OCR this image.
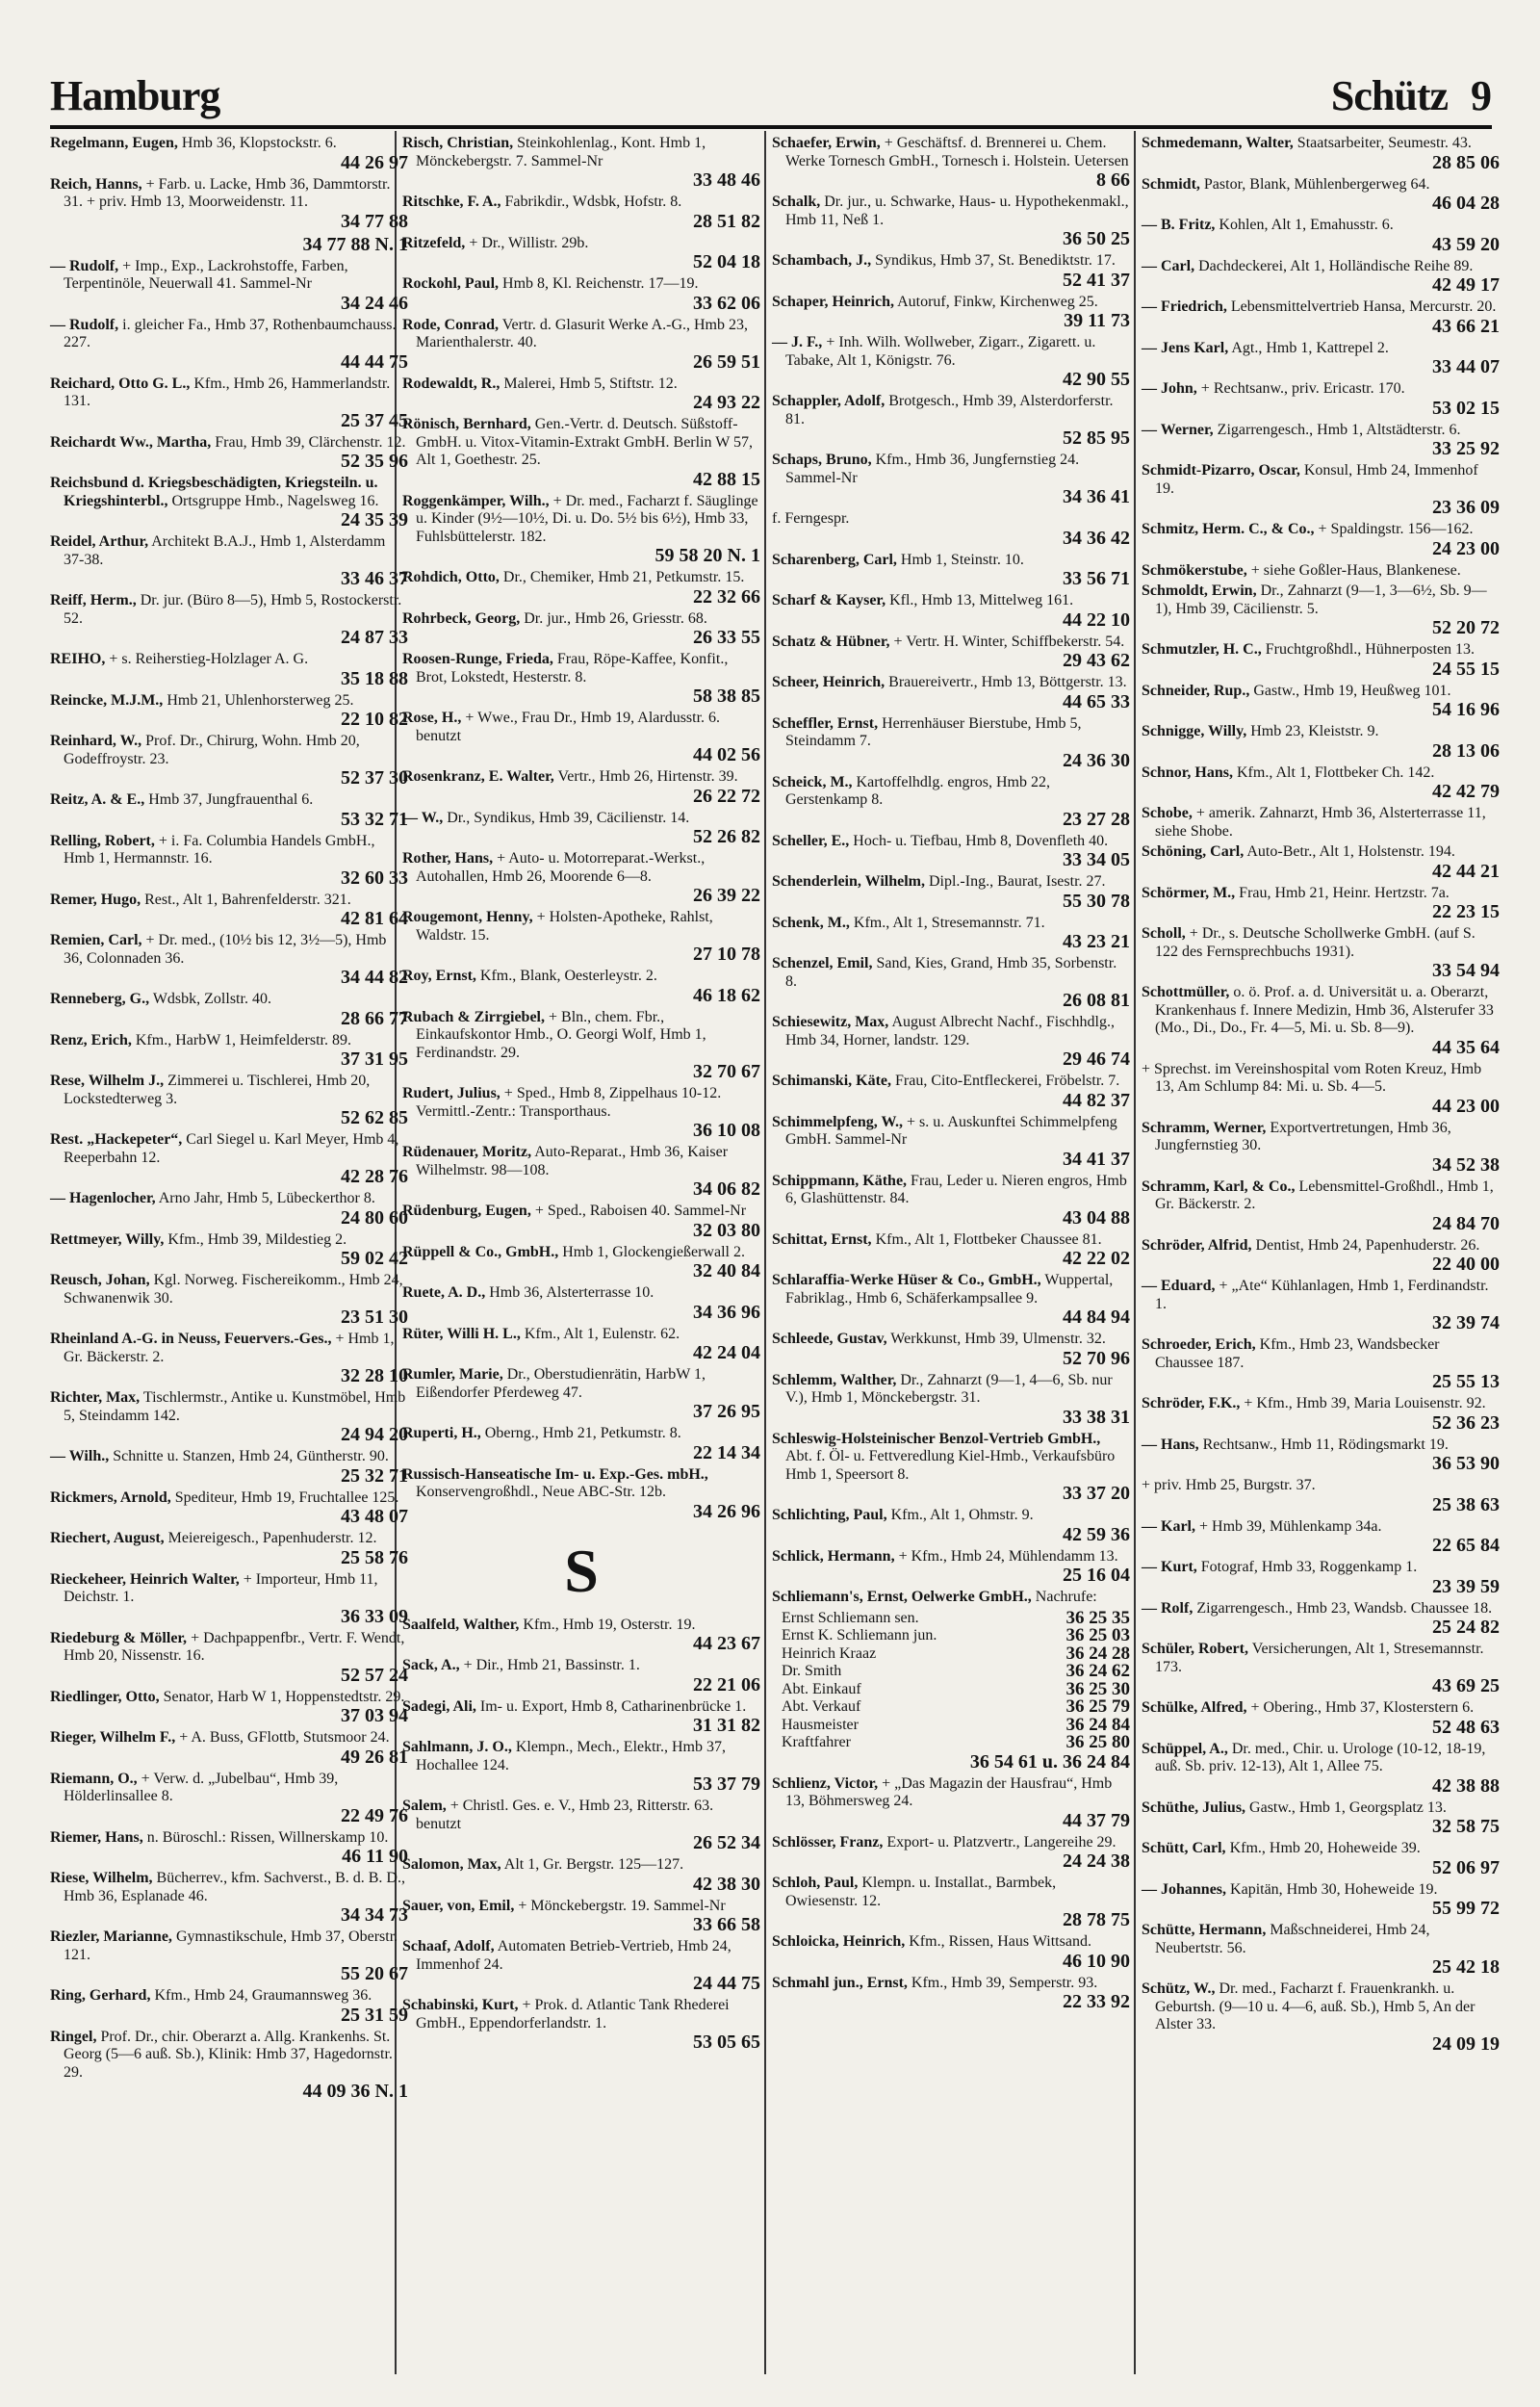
Hamburg	Schütz 9
Regelmann, Eugen, Hmb 36, Klopstockstr. 6.
44 26 97
Reich, Hanns, + Farb. u. Lacke, Hmb 36, Dammtorstr. 31. + priv. Hmb 13, Moorweidenstr. 11.
34 77 88
34 77 88 N. 1
— Rudolf, + Imp., Exp., Lackrohstoffe, Farben, Terpentinöle, Neuerwall 41. Sammel-Nr
34 24 46
— Rudolf, i. gleicher Fa., Hmb 37, Rothenbaumchauss. 227.
44 44 75
Reichard, Otto G. L., Kfm., Hmb 26, Hammerlandstr. 131.
25 37 45
Reichardt Ww., Martha, Frau, Hmb 39, Clärchenstr. 12.
52 35 96
Reichsbund d. Kriegsbeschädigten, Kriegsteiln. u. Kriegshinterbl., Ortsgruppe Hmb., Nagelsweg 16.
24 35 39
Reidel, Arthur, Architekt B.A.J., Hmb 1, Alsterdamm 37-38.
33 46 37
Reiff, Herm., Dr. jur. (Büro 8—5), Hmb 5, Rostockerstr. 52.
24 87 33
REIHO, + s. Reiherstieg-Holzlager A. G.
35 18 88
Reincke, M.J.M., Hmb 21, Uhlenhorsterweg 25.
22 10 82
Reinhard, W., Prof. Dr., Chirurg, Wohn. Hmb 20, Godeffroystr. 23.
52 37 30
Reitz, A. & E., Hmb 37, Jungfrauenthal 6.
53 32 71
Relling, Robert, + i. Fa. Columbia Handels GmbH., Hmb 1, Hermannstr. 16.
32 60 33
Remer, Hugo, Rest., Alt 1, Bahrenfelderstr. 321.
42 81 64
Remien, Carl, + Dr. med., (10½ bis 12, 3½—5), Hmb 36, Colonnaden 36.
34 44 82
Renneberg, G., Wdsbk, Zollstr. 40.
28 66 77
Renz, Erich, Kfm., HarbW 1, Heimfelderstr. 89.
37 31 95
Rese, Wilhelm J., Zimmerei u. Tischlerei, Hmb 20, Lockstedterweg 3.
52 62 85
Rest. „Hackepeter“, Carl Siegel u. Karl Meyer, Hmb 4, Reeperbahn 12.
42 28 76
— Hagenlocher, Arno Jahr, Hmb 5, Lübeckerthor 8.
24 80 60
Rettmeyer, Willy, Kfm., Hmb 39, Mildestieg 2.
59 02 42
Reusch, Johan, Kgl. Norweg. Fischereikomm., Hmb 24, Schwanenwik 30.
23 51 30
Rheinland A.-G. in Neuss, Feuervers.-Ges., + Hmb 1, Gr. Bäckerstr. 2.
32 28 10
Richter, Max, Tischlermstr., Antike u. Kunstmöbel, Hmb 5, Steindamm 142.
24 94 20
— Wilh., Schnitte u. Stanzen, Hmb 24, Güntherstr. 90.
25 32 71
Rickmers, Arnold, Spediteur, Hmb 19, Fruchtallee 125.
43 48 07
Riechert, August, Meiereigesch., Papenhuderstr. 12.
25 58 76
Rieckeheer, Heinrich Walter, + Importeur, Hmb 11, Deichstr. 1.
36 33 09
Riedeburg & Möller, + Dachpappenfbr., Vertr. F. Wendt, Hmb 20, Nissenstr. 16.
52 57 24
Riedlinger, Otto, Senator, Harb W 1, Hoppenstedtstr. 29.
37 03 94
Rieger, Wilhelm F., + A. Buss, GFlottb, Stutsmoor 24.
49 26 81
Riemann, O., + Verw. d. „Jubelbau“, Hmb 39, Hölderlinsallee 8.
22 49 76
Riemer, Hans, n. Büroschl.: Rissen, Willnerskamp 10.
46 11 90
Riese, Wilhelm, Bücherrev., kfm. Sachverst., B. d. B. D., Hmb 36, Esplanade 46.
34 34 73
Riezler, Marianne, Gymnastikschule, Hmb 37, Oberstr. 121.
55 20 67
Ring, Gerhard, Kfm., Hmb 24, Graumannsweg 36.
25 31 59
Ringel, Prof. Dr., chir. Oberarzt a. Allg. Krankenhs. St. Georg (5—6 auß. Sb.), Klinik: Hmb 37, Hagedornstr. 29.
44 09 36 N. 1
Risch, Christian, Steinkohlenlag., Kont. Hmb 1, Mönckebergstr. 7. Sammel-Nr
33 48 46
Ritschke, F. A., Fabrikdir., Wdsbk, Hofstr. 8.
28 51 82
Ritzefeld, + Dr., Willistr. 29b.
52 04 18
Rockohl, Paul, Hmb 8, Kl. Reichenstr. 17—19.
33 62 06
Rode, Conrad, Vertr. d. Glasurit Werke A.-G., Hmb 23, Marienthalerstr. 40.
26 59 51
Rodewaldt, R., Malerei, Hmb 5, Stiftstr. 12.
24 93 22
Rönisch, Bernhard, Gen.-Vertr. d. Deutsch. Süßstoff-GmbH. u. Vitox-Vitamin-Extrakt GmbH. Berlin W 57, Alt 1, Goethestr. 25.
42 88 15
Roggenkämper, Wilh., + Dr. med., Facharzt f. Säuglinge u. Kinder (9½—10½, Di. u. Do. 5½ bis 6½), Hmb 33, Fuhlsbüttelerstr. 182.
59 58 20 N. 1
Rohdich, Otto, Dr., Chemiker, Hmb 21, Petkumstr. 15.
22 32 66
Rohrbeck, Georg, Dr. jur., Hmb 26, Griesstr. 68.
26 33 55
Roosen-Runge, Frieda, Frau, Röpe-Kaffee, Konfit., Brot, Lokstedt, Hesterstr. 8.
58 38 85
Rose, H., + Wwe., Frau Dr., Hmb 19, Alardusstr. 6. benutzt
44 02 56
Rosenkranz, E. Walter, Vertr., Hmb 26, Hirtenstr. 39.
26 22 72
— W., Dr., Syndikus, Hmb 39, Cäcilienstr. 14.
52 26 82
Rother, Hans, + Auto- u. Motorreparat.-Werkst., Autohallen, Hmb 26, Moorende 6—8.
26 39 22
Rougemont, Henny, + Holsten-Apotheke, Rahlst, Waldstr. 15.
27 10 78
Roy, Ernst, Kfm., Blank, Oesterleystr. 2.
46 18 62
Rubach & Zirrgiebel, + Bln., chem. Fbr., Einkaufskontor Hmb., O. Georgi Wolf, Hmb 1, Ferdinandstr. 29.
32 70 67
Rudert, Julius, + Sped., Hmb 8, Zippelhaus 10-12. Vermittl.-Zentr.: Transporthaus.
36 10 08
Rüdenauer, Moritz, Auto-Reparat., Hmb 36, Kaiser Wilhelmstr. 98—108.
34 06 82
Rüdenburg, Eugen, + Sped., Raboisen 40. Sammel-Nr
32 03 80
Rüppell & Co., GmbH., Hmb 1, Glockengießerwall 2.
32 40 84
Ruete, A. D., Hmb 36, Alsterterrasse 10.
34 36 96
Rüter, Willi H. L., Kfm., Alt 1, Eulenstr. 62.
42 24 04
Rumler, Marie, Dr., Oberstudienrätin, HarbW 1, Eißendorfer Pferdeweg 47.
37 26 95
Ruperti, H., Oberng., Hmb 21, Petkumstr. 8.
22 14 34
Russisch-Hanseatische Im- u. Exp.-Ges. mbH., Konservengroßhdl., Neue ABC-Str. 12b.
34 26 96
S
Saalfeld, Walther, Kfm., Hmb 19, Osterstr. 19.
44 23 67
Sack, A., + Dir., Hmb 21, Bassinstr. 1.
22 21 06
Sadegi, Ali, Im- u. Export, Hmb 8, Catharinenbrücke 1.
31 31 82
Sahlmann, J. O., Klempn., Mech., Elektr., Hmb 37, Hochallee 124.
53 37 79
Salem, + Christl. Ges. e. V., Hmb 23, Ritterstr. 63. benutzt
26 52 34
Salomon, Max, Alt 1, Gr. Bergstr. 125—127.
42 38 30
Sauer, von, Emil, + Mönckebergstr. 19. Sammel-Nr
33 66 58
Schaaf, Adolf, Automaten Betrieb-Vertrieb, Hmb 24, Immenhof 24.
24 44 75
Schabinski, Kurt, + Prok. d. Atlantic Tank Rhederei GmbH., Eppendorferlandstr. 1.
53 05 65
Schaefer, Erwin, + Geschäftsf. d. Brennerei u. Chem. Werke Tornesch GmbH., Tornesch i. Holstein. Uetersen
8 66
Schalk, Dr. jur., u. Schwarke, Haus- u. Hypothekenmakl., Hmb 11, Neß 1.
36 50 25
Schambach, J., Syndikus, Hmb 37, St. Benediktstr. 17.
52 41 37
Schaper, Heinrich, Autoruf, Finkw, Kirchenweg 25.
39 11 73
— J. F., + Inh. Wilh. Wollweber, Zigarr., Zigarett. u. Tabake, Alt 1, Königstr. 76.
42 90 55
Schappler, Adolf, Brotgesch., Hmb 39, Alsterdorferstr. 81.
52 85 95
Schaps, Bruno, Kfm., Hmb 36, Jungfernstieg 24. Sammel-Nr
34 36 41
f. Ferngespr.
34 36 42
Scharenberg, Carl, Hmb 1, Steinstr. 10.
33 56 71
Scharf & Kayser, Kfl., Hmb 13, Mittelweg 161.
44 22 10
Schatz & Hübner, + Vertr. H. Winter, Schiffbekerstr. 54.
29 43 62
Scheer, Heinrich, Brauereivertr., Hmb 13, Böttgerstr. 13.
44 65 33
Scheffler, Ernst, Herrenhäuser Bierstube, Hmb 5, Steindamm 7.
24 36 30
Scheick, M., Kartoffelhdlg. engros, Hmb 22, Gerstenkamp 8.
23 27 28
Scheller, E., Hoch- u. Tiefbau, Hmb 8, Dovenfleth 40.
33 34 05
Schenderlein, Wilhelm, Dipl.-Ing., Baurat, Isestr. 27.
55 30 78
Schenk, M., Kfm., Alt 1, Stresemannstr. 71.
43 23 21
Schenzel, Emil, Sand, Kies, Grand, Hmb 35, Sorbenstr. 8.
26 08 81
Schiesewitz, Max, August Albrecht Nachf., Fischhdlg., Hmb 34, Horner, landstr. 129.
29 46 74
Schimanski, Käte, Frau, Cito-Entfleckerei, Fröbelstr. 7.
44 82 37
Schimmelpfeng, W., + s. u. Auskunftei Schimmelpfeng GmbH. Sammel-Nr
34 41 37
Schippmann, Käthe, Frau, Leder u. Nieren engros, Hmb 6, Glashüttenstr. 84.
43 04 88
Schittat, Ernst, Kfm., Alt 1, Flottbeker Chaussee 81.
42 22 02
Schlaraffia-Werke Hüser & Co., GmbH., Wuppertal, Fabriklag., Hmb 6, Schäferkampsallee 9.
44 84 94
Schleede, Gustav, Werkkunst, Hmb 39, Ulmenstr. 32.
52 70 96
Schlemm, Walther, Dr., Zahnarzt (9—1, 4—6, Sb. nur V.), Hmb 1, Mönckebergstr. 31.
33 38 31
Schleswig-Holsteinischer Benzol-Vertrieb GmbH., Abt. f. Öl- u. Fettveredlung Kiel-Hmb., Verkaufsbüro Hmb 1, Speersort 8.
33 37 20
Schlichting, Paul, Kfm., Alt 1, Ohmstr. 9.
42 59 36
Schlick, Hermann, + Kfm., Hmb 24, Mühlendamm 13.
25 16 04
Schliemann's, Ernst, Oelwerke GmbH., Nachrufe:
Ernst Schliemann sen.	36 25 35
Ernst K. Schliemann jun.	36 25 03
Heinrich Kraaz	36 24 28
Dr. Smith	36 24 62
Abt. Einkauf	36 25 30
Abt. Verkauf	36 25 79
Hausmeister	36 24 84
Kraftfahrer	36 25 80
36 54 61 u. 36 24 84
Schlienz, Victor, + „Das Magazin der Hausfrau“, Hmb 13, Böhmersweg 24.
44 37 79
Schlösser, Franz, Export- u. Platzvertr., Langereihe 29.
24 24 38
Schloh, Paul, Klempn. u. Installat., Barmbek, Owiesenstr. 12.
28 78 75
Schloicka, Heinrich, Kfm., Rissen, Haus Wittsand.
46 10 90
Schmahl jun., Ernst, Kfm., Hmb 39, Semperstr. 93.
22 33 92
Schmedemann, Walter, Staatsarbeiter, Seumestr. 43.
28 85 06
Schmidt, Pastor, Blank, Mühlenbergerweg 64.
46 04 28
— B. Fritz, Kohlen, Alt 1, Emahusstr. 6.
43 59 20
— Carl, Dachdeckerei, Alt 1, Holländische Reihe 89.
42 49 17
— Friedrich, Lebensmittelvertrieb Hansa, Mercurstr. 20.
43 66 21
— Jens Karl, Agt., Hmb 1, Kattrepel 2.
33 44 07
— John, + Rechtsanw., priv. Ericastr. 170.
53 02 15
— Werner, Zigarrengesch., Hmb 1, Altstädterstr. 6.
33 25 92
Schmidt-Pizarro, Oscar, Konsul, Hmb 24, Immenhof 19.
23 36 09
Schmitz, Herm. C., & Co., + Spaldingstr. 156—162.
24 23 00
Schmökerstube, + siehe Goßler-Haus, Blankenese.
Schmoldt, Erwin, Dr., Zahnarzt (9—1, 3—6½, Sb. 9—1), Hmb 39, Cäcilienstr. 5.
52 20 72
Schmutzler, H. C., Fruchtgroßhdl., Hühnerposten 13.
24 55 15
Schneider, Rup., Gastw., Hmb 19, Heußweg 101.
54 16 96
Schnigge, Willy, Hmb 23, Kleiststr. 9.
28 13 06
Schnor, Hans, Kfm., Alt 1, Flottbeker Ch. 142.
42 42 79
Schobe, + amerik. Zahnarzt, Hmb 36, Alsterterrasse 11, siehe Shobe.
Schöning, Carl, Auto-Betr., Alt 1, Holstenstr. 194.
42 44 21
Schörmer, M., Frau, Hmb 21, Heinr. Hertzstr. 7a.
22 23 15
Scholl, + Dr., s. Deutsche Schollwerke GmbH. (auf S. 122 des Fernsprechbuchs 1931).
33 54 94
Schottmüller, o. ö. Prof. a. d. Universität u. a. Oberarzt, Krankenhaus f. Innere Medizin, Hmb 36, Alsterufer 33 (Mo., Di., Do., Fr. 4—5, Mi. u. Sb. 8—9).
44 35 64
+ Sprechst. im Vereinshospital vom Roten Kreuz, Hmb 13, Am Schlump 84: Mi. u. Sb. 4—5.
44 23 00
Schramm, Werner, Exportvertretungen, Hmb 36, Jungfernstieg 30.
34 52 38
Schramm, Karl, & Co., Lebensmittel-Großhdl., Hmb 1, Gr. Bäckerstr. 2.
24 84 70
Schröder, Alfrid, Dentist, Hmb 24, Papenhuderstr. 26.
22 40 00
— Eduard, + „Ate“ Kühlanlagen, Hmb 1, Ferdinandstr. 1.
32 39 74
Schroeder, Erich, Kfm., Hmb 23, Wandsbecker Chaussee 187.
25 55 13
Schröder, F.K., + Kfm., Hmb 39, Maria Louisenstr. 92.
52 36 23
— Hans, Rechtsanw., Hmb 11, Rödingsmarkt 19.
36 53 90
+ priv. Hmb 25, Burgstr. 37.
25 38 63
— Karl, + Hmb 39, Mühlenkamp 34a.
22 65 84
— Kurt, Fotograf, Hmb 33, Roggenkamp 1.
23 39 59
— Rolf, Zigarrengesch., Hmb 23, Wandsb. Chaussee 18.
25 24 82
Schüler, Robert, Versicherungen, Alt 1, Stresemannstr. 173.
43 69 25
Schülke, Alfred, + Obering., Hmb 37, Klosterstern 6.
52 48 63
Schüppel, A., Dr. med., Chir. u. Urologe (10-12, 18-19, auß. Sb. priv. 12-13), Alt 1, Allee 75.
42 38 88
Schüthe, Julius, Gastw., Hmb 1, Georgsplatz 13.
32 58 75
Schütt, Carl, Kfm., Hmb 20, Hoheweide 39.
52 06 97
— Johannes, Kapitän, Hmb 30, Hoheweide 19.
55 99 72
Schütte, Hermann, Maßschneiderei, Hmb 24, Neubertstr. 56.
25 42 18
Schütz, W., Dr. med., Facharzt f. Frauenkrankh. u. Geburtsh. (9—10 u. 4—6, auß. Sb.), Hmb 5, An der Alster 33.
24 09 19
